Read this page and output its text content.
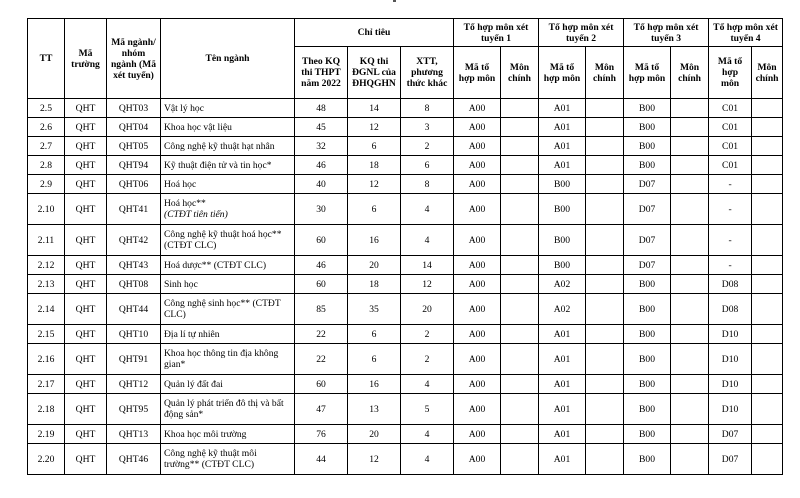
TT	Mã trường	Mã ngành/ nhóm ngành (Mã xét tuyển)	Tên ngành	Chỉ tiêu			Tổ hợp môn xét tuyển 1		Tổ hợp môn xét tuyển 2		Tổ hợp môn xét tuyển 3		Tổ hợp môn xét tuyển 4	
				Theo KQ thi THPT năm 2022	KQ thi ĐGNL của ĐHQGHN	XTT, phương thức khác	Mã tổ hợp môn	Môn chính	Mã tổ hợp môn	Môn chính	Mã tổ hợp môn	Môn chính	Mã tổ hợp môn	Môn chính
2.5	QHT	QHT03	Vật lý học	48	14	8	A00		A01		B00		C01	
2.6	QHT	QHT04	Khoa học vật liệu	45	12	3	A00		A01		B00		C01	
2.7	QHT	QHT05	Công nghệ kỹ thuật hạt nhân	32	6	2	A00		A01		B00		C01	
2.8	QHT	QHT94	Kỹ thuật điện tử và tin học*	46	18	6	A00		A01		B00		C01	
2.9	QHT	QHT06	Hoá học	40	12	8	A00		B00		D07		-	
2.10	QHT	QHT41	Hoá học**
(CTĐT tiên tiến)	30	6	4	A00		B00		D07		-	
2.11	QHT	QHT42	Công nghệ kỹ thuật hoá học** (CTĐT CLC)	60	16	4	A00		B00		D07		-	
2.12	QHT	QHT43	Hoá dược** (CTĐT CLC)	46	20	14	A00		B00		D07		-	
2.13	QHT	QHT08	Sinh học	60	18	12	A00		A02		B00		D08	
2.14	QHT	QHT44	Công nghệ sinh học** (CTĐT CLC)	85	35	20	A00		A02		B00		D08	
2.15	QHT	QHT10	Địa lí tự nhiên	22	6	2	A00		A01		B00		D10	
2.16	QHT	QHT91	Khoa học thông tin địa không gian*	22	6	2	A00		A01		B00		D10	
2.17	QHT	QHT12	Quản lý đất đai	60	16	4	A00		A01		B00		D10	
2.18	QHT	QHT95	Quản lý phát triển đô thị và bất động sản*	47	13	5	A00		A01		B00		D10	
2.19	QHT	QHT13	Khoa học môi trường	76	20	4	A00		A01		B00		D07	
2.20	QHT	QHT46	Công nghệ kỹ thuật môi trường** (CTĐT CLC)	44	12	4	A00		A01		B00		D07	
